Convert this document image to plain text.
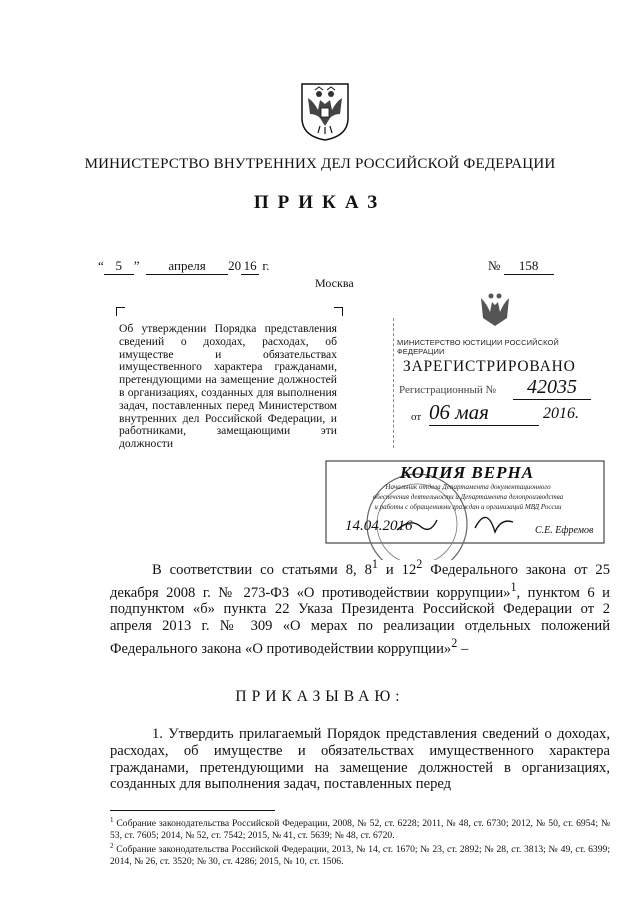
МИНИСТЕРСТВО ВНУТРЕННИХ ДЕЛ РОССИЙСКОЙ ФЕДЕРАЦИИ
ПРИКАЗ
“ 5 ” апреля 20 16 г.	№ 158
Москва
Об утверждении Порядка представления сведений о доходах, расходах, об имуществе и обязательствах имущественного характера гражданами, претендующими на замещение должностей в организациях, созданных для выполнения задач, поставленных перед Министерством внутренних дел Российской Федерации, и работниками, замещающими эти должности
МИНИСТЕРСТВО ЮСТИЦИИ РОССИЙСКОЙ ФЕДЕРАЦИИ
ЗАРЕГИСТРИРОВАНО
Регистрационный №	42035
от 06 мая	2016.
КОПИЯ ВЕРНА
Начальник отдела Департамента документационного
обеспечения деятельности и Департамента делопроизводства
и работы с обращениями граждан и организаций МВД России
14.04.2016	С.Е. Ефремов
В соответствии со статьями 8, $8^1$ и $12^2$ Федерального закона от 25 декабря 2008 г. № 273-ФЗ «О противодействии коррупции»$^1$, пунктом 6 и подпунктом «б» пункта 22 Указа Президента Российской Федерации от 2 апреля 2013 г. № 309 «О мерах по реализации отдельных положений Федерального закона «О противодействии коррупции»$^2$ –
ПРИКАЗЫВАЮ:
1. Утвердить прилагаемый Порядок представления сведений о доходах, расходах, об имуществе и обязательствах имущественного характера гражданами, претендующими на замещение должностей в организациях, созданных для выполнения задач, поставленных перед
$^1$ Собрание законодательства Российской Федерации, 2008, № 52, ст. 6228; 2011, № 48, ст. 6730; 2012, № 50, ст. 6954; № 53, ст. 7605; 2014, № 52, ст. 7542; 2015, № 41, ст. 5639; № 48, ст. 6720.
$^2$ Собрание законодательства Российской Федерации, 2013, № 14, ст. 1670; № 23, ст. 2892; № 28, ст. 3813; № 49, ст. 6399; 2014, № 26, ст. 3520; № 30, ст. 4286; 2015, № 10, ст. 1506.
